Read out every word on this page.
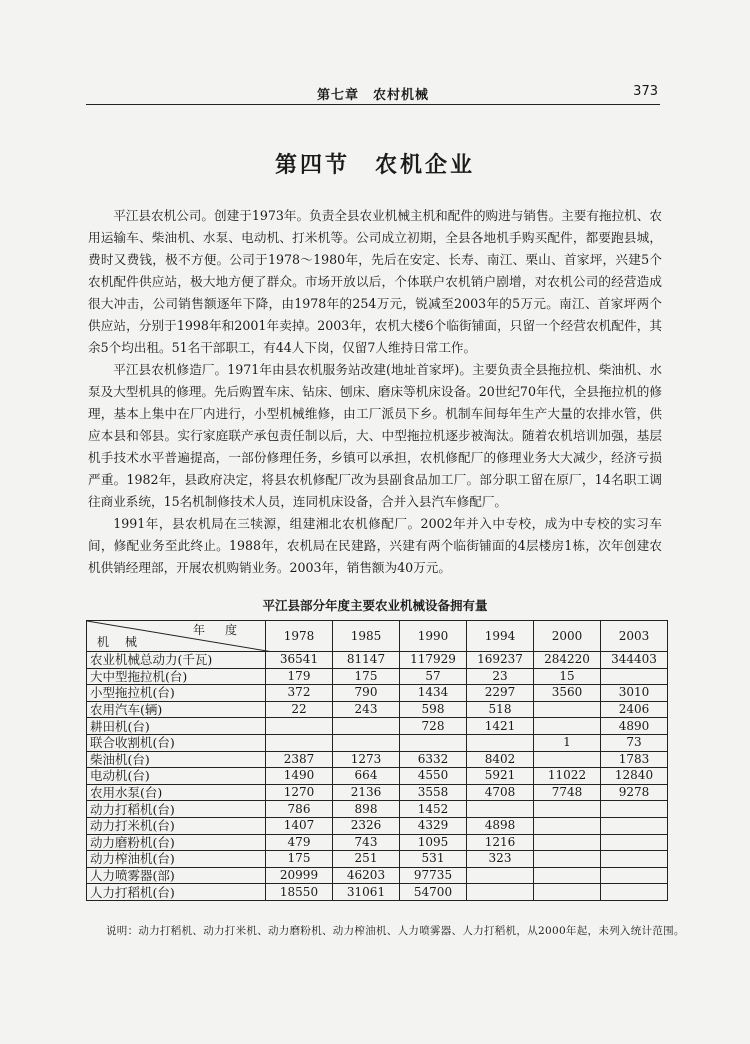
第七章　农村机械	373
第四节　农机企业

平江县农机公司。创建于1973年。负责全县农业机械主机和配件的购进与销售。主要有拖拉机、农用运输车、柴油机、水泵、电动机、打米机等。公司成立初期，全县各地机手购买配件，都要跑县城，费时又费钱，极不方便。公司于1978～1980年，先后在安定、长寿、南江、栗山、首家坪，兴建5个农机配件供应站，极大地方便了群众。市场开放以后，个体联户农机销户剧增，对农机公司的经营造成很大冲击，公司销售额逐年下降，由1978年的254万元，锐减至2003年的5万元。南江、首家坪两个供应站，分别于1998年和2001年卖掉。2003年，农机大楼6个临街铺面，只留一个经营农机配件，其余5个均出租。51名干部职工，有44人下岗，仅留7人维持日常工作。

平江县农机修造厂。1971年由县农机服务站改建(地址首家坪)。主要负责全县拖拉机、柴油机、水泵及大型机具的修理。先后购置车床、钻床、刨床、磨床等机床设备。20世纪70年代，全县拖拉机的修理，基本上集中在厂内进行，小型机械维修，由工厂派员下乡。机制车间每年生产大量的农排水管，供应本县和邻县。实行家庭联产承包责任制以后，大、中型拖拉机逐步被淘汰。随着农机培训加强，基层机手技术水平普遍提高，一部份修理任务，乡镇可以承担，农机修配厂的修理业务大大减少，经济亏损严重。1982年，县政府决定，将县农机修配厂改为县副食品加工厂。部分职工留在原厂，14名职工调往商业系统，15名机制修技术人员，连同机床设备，合并入县汽车修配厂。

1991年，县农机局在三犊源，组建湘北农机修配厂。2002年并入中专校，成为中专校的实习车间，修配业务至此终止。1988年，农机局在民建路，兴建有两个临街铺面的4层楼房1栋，次年创建农机供销经理部，开展农机购销业务。2003年，销售额为40万元。

平江县部分年度主要农业机械设备拥有量
年度
机械	1978	1985	1990	1994	2000	2003
农业机械总动力(千瓦)	36541	81147	117929	169237	284220	344403
大中型拖拉机(台)	179	175	57	23	15	
小型拖拉机(台)	372	790	1434	2297	3560	3010
农用汽车(辆)	22	243	598	518		2406
耕田机(台)			728	1421		4890
联合收割机(台)					1	73
柴油机(台)	2387	1273	6332	8402		1783
电动机(台)	1490	664	4550	5921	11022	12840
农用水泵(台)	1270	2136	3558	4708	7748	9278
动力打稻机(台)	786	898	1452			
动力打米机(台)	1407	2326	4329	4898		
动力磨粉机(台)	479	743	1095	1216		
动力榨油机(台)	175	251	531	323		
人力喷雾器(部)	20999	46203	97735			
人力打稻机(台)	18550	31061	54700			
说明：动力打稻机、动力打米机、动力磨粉机、动力榨油机、人力喷雾器、人力打稻机，从2000年起，未列入统计范围。
